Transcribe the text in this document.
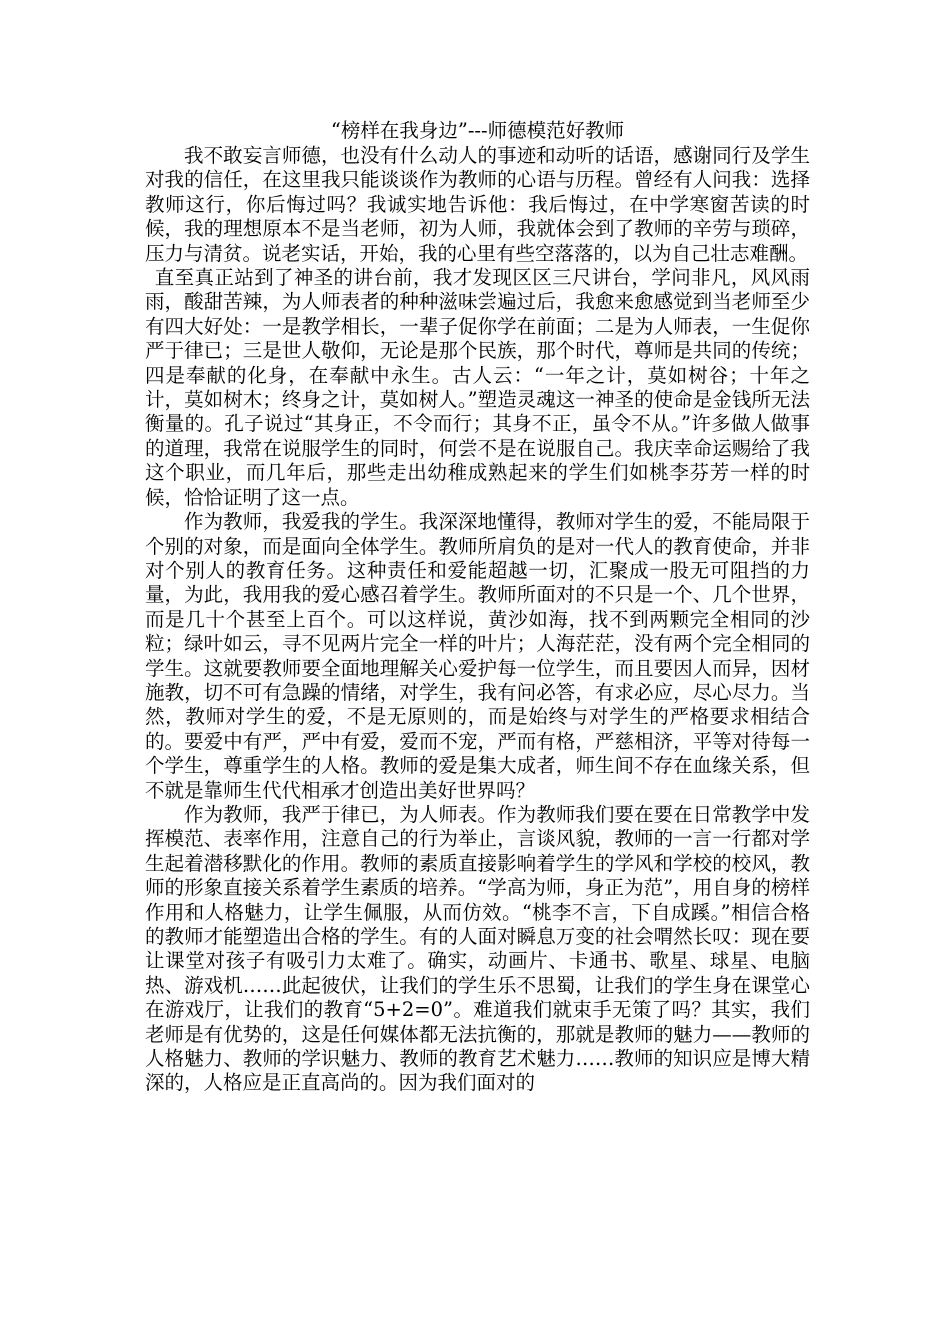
“榜样在我身边”---师德模范好教师

我不敢妄言师德，也没有什么动人的事迹和动听的话语，感谢同行及学生对我的信任，在这里我只能谈谈作为教师的心语与历程。曾经有人问我：选择教师这行，你后悔过吗？我诚实地告诉他：我后悔过，在中学寒窗苦读的时候，我的理想原本不是当老师，初为人师，我就体会到了教师的辛劳与琐碎，压力与清贫。说老实话，开始，我的心里有些空落落的，以为自己壮志难酬。

直至真正站到了神圣的讲台前，我才发现区区三尺讲台，学问非凡，风风雨雨，酸甜苦辣，为人师表者的种种滋味尝遍过后，我愈来愈感觉到当老师至少有四大好处：一是教学相长，一辈子促你学在前面；二是为人师表，一生促你严于律已；三是世人敬仰，无论是那个民族，那个时代，尊师是共同的传统；四是奉献的化身，在奉献中永生。古人云：“一年之计，莫如树谷；十年之计，莫如树木；终身之计，莫如树人。”塑造灵魂这一神圣的使命是金钱所无法衡量的。孔子说过“其身正，不令而行；其身不正，虽令不从。”许多做人做事的道理，我常在说服学生的同时，何尝不是在说服自己。我庆幸命运赐给了我这个职业，而几年后，那些走出幼稚成熟起来的学生们如桃李芬芳一样的时候，恰恰证明了这一点。

作为教师，我爱我的学生。我深深地懂得，教师对学生的爱，不能局限于个别的对象，而是面向全体学生。教师所肩负的是对一代人的教育使命，并非对个别人的教育任务。这种责任和爱能超越一切，汇聚成一股无可阻挡的力量，为此，我用我的爱心感召着学生。教师所面对的不只是一个、几个世界，而是几十个甚至上百个。可以这样说，黄沙如海，找不到两颗完全相同的沙粒；绿叶如云，寻不见两片完全一样的叶片；人海茫茫，没有两个完全相同的学生。这就要教师要全面地理解关心爱护每一位学生，而且要因人而异，因材施教，切不可有急躁的情绪，对学生，我有问必答，有求必应，尽心尽力。当然，教师对学生的爱，不是无原则的，而是始终与对学生的严格要求相结合的。要爱中有严，严中有爱，爱而不宠，严而有格，严慈相济，平等对待每一个学生，尊重学生的人格。教师的爱是集大成者，师生间不存在血缘关系，但不就是靠师生代代相承才创造出美好世界吗？

作为教师，我严于律已，为人师表。作为教师我们要在要在日常教学中发挥模范、表率作用，注意自己的行为举止，言谈风貌，教师的一言一行都对学生起着潜移默化的作用。教师的素质直接影响着学生的学风和学校的校风，教师的形象直接关系着学生素质的培养。“学高为师，身正为范”，用自身的榜样作用和人格魅力，让学生佩服，从而仿效。“桃李不言，下自成蹊。”相信合格的教师才能塑造出合格的学生。有的人面对瞬息万变的社会喟然长叹：现在要让课堂对孩子有吸引力太难了。确实，动画片、卡通书、歌星、球星、电脑热、游戏机……此起彼伏，让我们的学生乐不思蜀，让我们的学生身在课堂心在游戏厅，让我们的教育“5+2=0”。难道我们就束手无策了吗？其实，我们老师是有优势的，这是任何媒体都无法抗衡的，那就是教师的魅力——教师的人格魅力、教师的学识魅力、教师的教育艺术魅力……教师的知识应是博大精深的，人格应是正直高尚的。因为我们面对的
